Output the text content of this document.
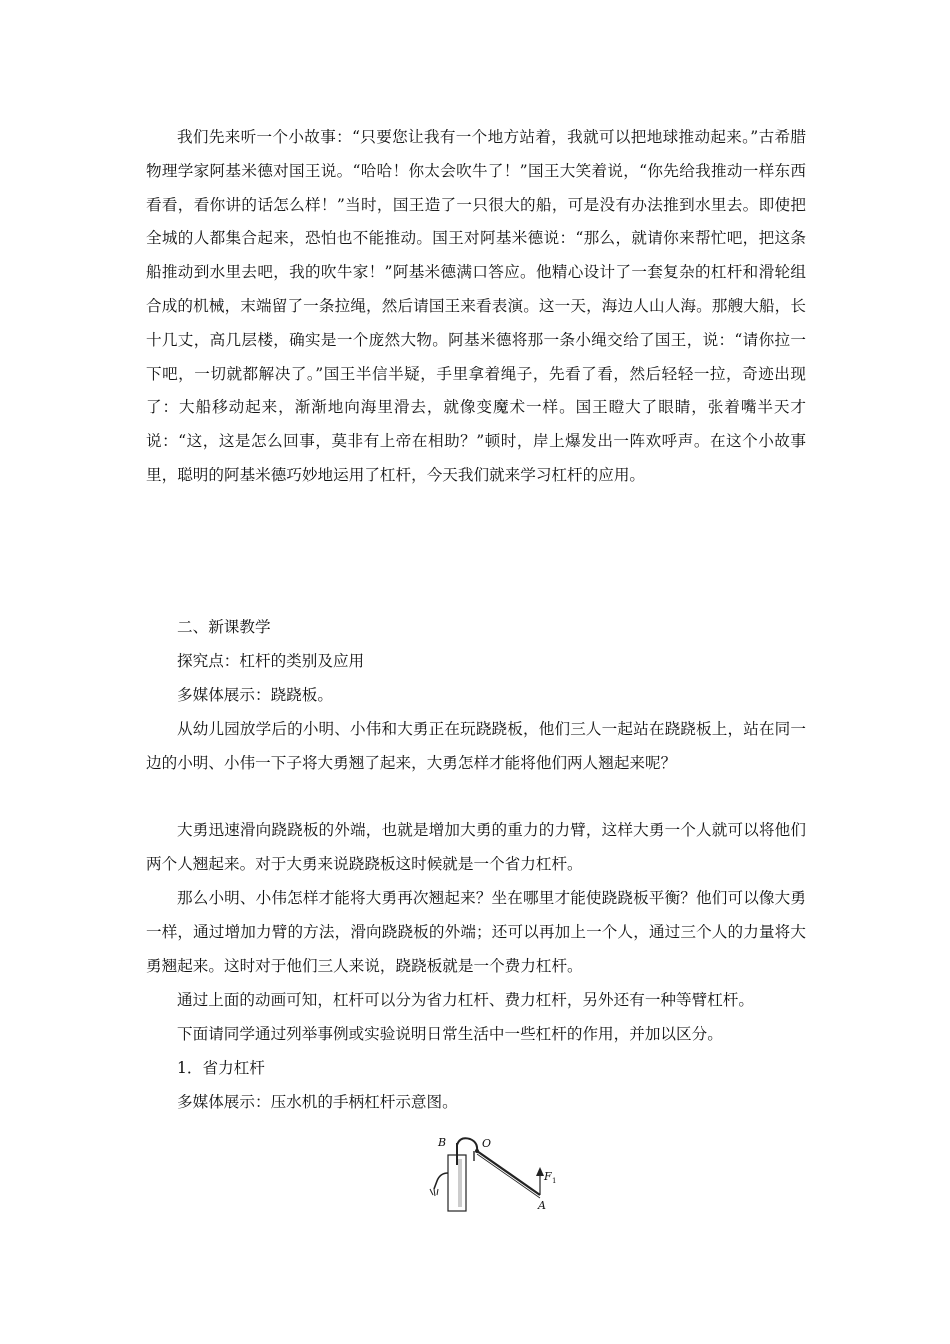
我们先来听一个小故事：“只要您让我有一个地方站着，我就可以把地球推动起来。”古希腊物理学家阿基米德对国王说。“哈哈！你太会吹牛了！”国王大笑着说，“你先给我推动一样东西看看，看你讲的话怎么样！”当时，国王造了一只很大的船，可是没有办法推到水里去。即使把全城的人都集合起来，恐怕也不能推动。国王对阿基米德说：“那么，就请你来帮忙吧，把这条船推动到水里去吧，我的吹牛家！”阿基米德满口答应。他精心设计了一套复杂的杠杆和滑轮组合成的机械，末端留了一条拉绳，然后请国王来看表演。这一天，海边人山人海。那艘大船，长十几丈，高几层楼，确实是一个庞然大物。阿基米德将那一条小绳交给了国王，说：“请你拉一下吧，一切就都解决了。”国王半信半疑，手里拿着绳子，先看了看，然后轻轻一拉，奇迹出现了：大船移动起来，渐渐地向海里滑去，就像变魔术一样。国王瞪大了眼睛，张着嘴半天才说：“这，这是怎么回事，莫非有上帝在相助？”顿时，岸上爆发出一阵欢呼声。在这个小故事里，聪明的阿基米德巧妙地运用了杠杆，今天我们就来学习杠杆的应用。

二、新课教学

探究点：杠杆的类别及应用

多媒体展示：跷跷板。

从幼儿园放学后的小明、小伟和大勇正在玩跷跷板，他们三人一起站在跷跷板上，站在同一边的小明、小伟一下子将大勇翘了起来，大勇怎样才能将他们两人翘起来呢？

大勇迅速滑向跷跷板的外端，也就是增加大勇的重力的力臂，这样大勇一个人就可以将他们两个人翘起来。对于大勇来说跷跷板这时候就是一个省力杠杆。

那么小明、小伟怎样才能将大勇再次翘起来？坐在哪里才能使跷跷板平衡？他们可以像大勇一样，通过增加力臂的方法，滑向跷跷板的外端；还可以再加上一个人，通过三个人的力量将大勇翘起来。这时对于他们三人来说，跷跷板就是一个费力杠杆。

通过上面的动画可知，杠杆可以分为省力杠杆、费力杠杆，另外还有一种等臂杠杆。

下面请同学通过列举事例或实验说明日常生活中一些杠杆的作用，并加以区分。

1．省力杠杆

多媒体展示：压水机的手柄杠杆示意图。

B	O
F 1
A
